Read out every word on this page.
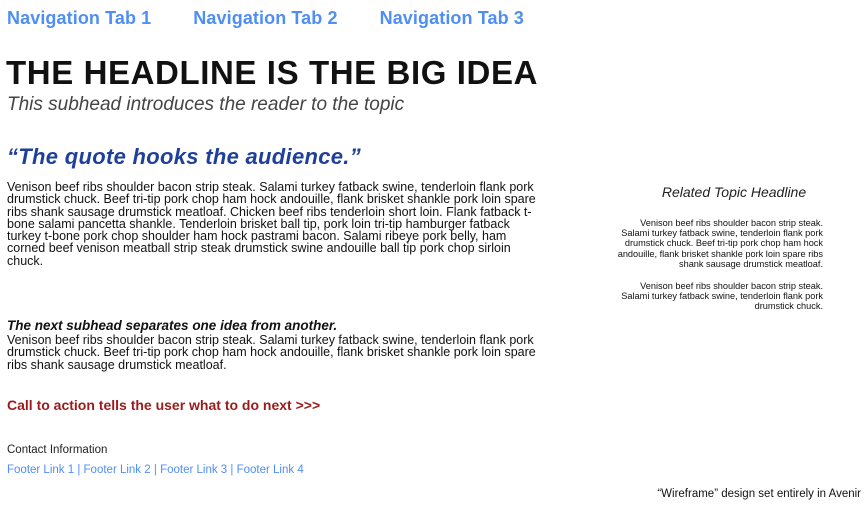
Navigation Tab 1 Navigation Tab 2 Navigation Tab 3
THE HEADLINE IS THE BIG IDEA

This subhead introduces the reader to the topic

“The quote hooks the audience.”

Venison beef ribs shoulder bacon strip steak. Salami turkey fatback swine, tenderloin flank pork drumstick chuck. Beef tri-tip pork chop ham hock andouille, flank brisket shankle pork loin spare ribs shank sausage drumstick meatloaf. Chicken beef ribs tenderloin short loin. Flank fatback t-bone salami pancetta shankle. Tenderloin brisket ball tip, pork loin tri-tip hamburger fatback turkey t-bone pork chop shoulder ham hock pastrami bacon. Salami ribeye pork belly, ham corned beef venison meatball strip steak drumstick swine andouille ball tip pork chop sirloin chuck.

The next subhead separates one idea from another.

Venison beef ribs shoulder bacon strip steak. Salami turkey fatback swine, tenderloin flank pork drumstick chuck. Beef tri-tip pork chop ham hock andouille, flank brisket shankle pork loin spare ribs shank sausage drumstick meatloaf.

Call to action tells the user what to do next >>>
Related Topic Headline

Venison beef ribs shoulder bacon strip steak. Salami turkey fatback swine, tenderloin flank pork drumstick chuck. Beef tri-tip pork chop ham hock andouille, flank brisket shankle pork loin spare ribs shank sausage drumstick meatloaf.

Venison beef ribs shoulder bacon strip steak. Salami turkey fatback swine, tenderloin flank pork drumstick chuck.

Contact Information

Footer Link 1 | Footer Link 2 | Footer Link 3 | Footer Link 4
“Wireframe” design set entirely in Avenir
